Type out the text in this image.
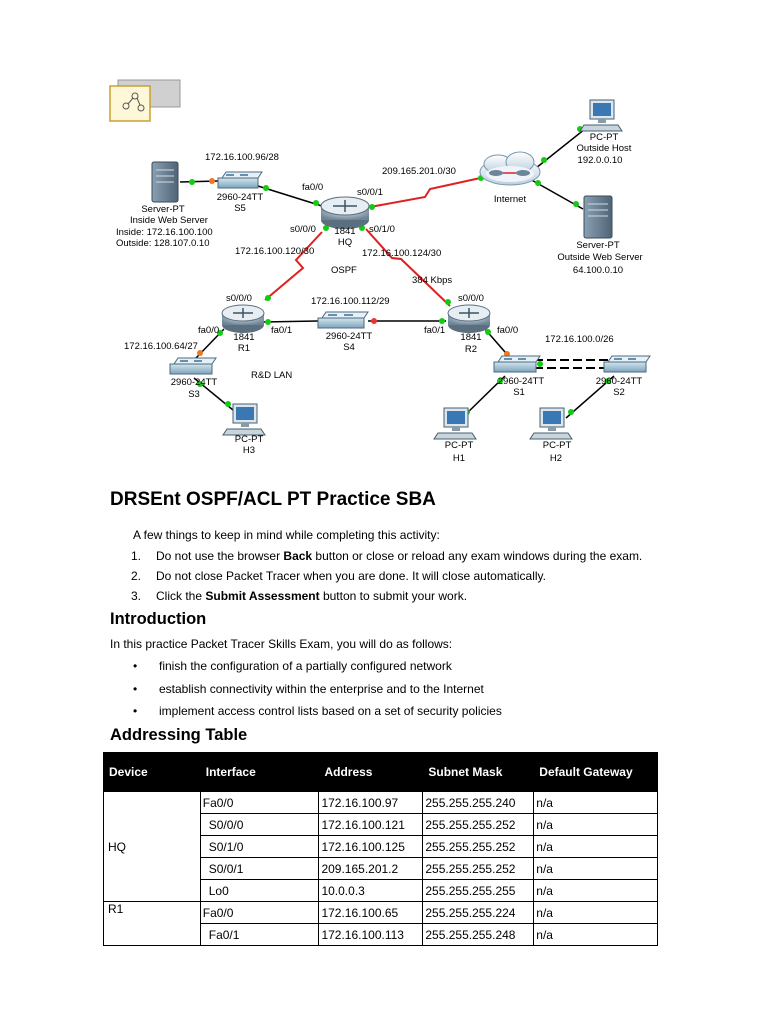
Server-PT
Inside Web Server
Inside: 172.16.100.100
Outside: 128.107.0.10
2960-24TT
S5
1841
HQ
Internet
PC-PT
Outside Host
192.0.0.10
Server-PT
Outside Web Server
64.100.0.10
1841
R1
1841
R2
2960-24TT
S4
2960-24TT
S3
2960-24TT
S1
2960-24TT
S2
PC-PT
H3	PC-PT
H1
PC-PT
H2
172.16.100.96/28
209.165.201.0/30
172.16.100.120/30	172.16.100.124/30
172.16.100.112/29
172.16.100.64/27
172.16.100.0/26
OSPF
R&D LAN
384 Kbps
fa0/0	s0/0/1
s0/0/0	s0/1/0
s0/0/0
fa0/0	fa0/1
s0/0/0
fa0/1	fa0/0
DRSEnt OSPF/ACL PT Practice SBA

A few things to keep in mind while completing this activity:

1. Do not use the browser Back button or close or reload any exam windows during the exam.
2. Do not close Packet Tracer when you are done. It will close automatically.
3. Click the Submit Assessment button to submit your work.
Introduction

In this practice Packet Tracer Skills Exam, you will do as follows:

• finish the configuration of a partially configured network
• establish connectivity within the enterprise and to the Internet
• implement access control lists based on a set of security policies
Addressing Table
Device	Interface	Address	Subnet Mask	Default Gateway
HQ	Fa0/0	172.16.100.97	255.255.255.240	n/a
	S0/0/0	172.16.100.121	255.255.255.252	n/a
	S0/1/0	172.16.100.125	255.255.255.252	n/a
	S0/0/1	209.165.201.2	255.255.255.252	n/a
	Lo0	10.0.0.3	255.255.255.255	n/a
R1	Fa0/0	172.16.100.65	255.255.255.224	n/a
	Fa0/1	172.16.100.113	255.255.255.248	n/a
